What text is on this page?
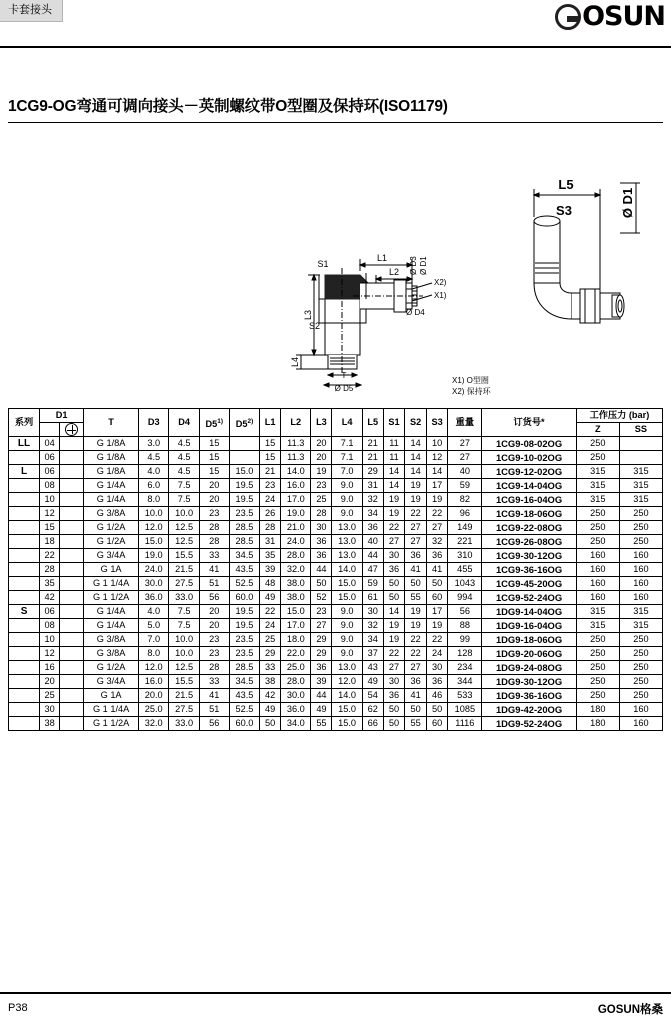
卡套接头	OSUN
1CG9-OG弯通可调向接头－英制螺纹带O型圈及保持环(ISO1179)
L1
L2
S1	Ø D3 Ø D1
L3
S2
L4
X2)
X1)
Ø D4
T
Ø D5
L5
S3	Ø D1
X1) O型圈
X2) 保持环
系列	D1		T	D3	D4	D5$^{1)}$	D5$^{2)}$	L1	L2	L3	L4	L5	S1	S2	S3	重量	订货号*	工作压力 (bar)	
																		Z	SS
LL	04		G 1/8A	3.0	4.5	15		15	11.3	20	7.1	21	11	14	10	27	1CG9-08-02OG	250	
	06		G 1/8A	4.5	4.5	15		15	11.3	20	7.1	21	11	14	12	27	1CG9-10-02OG	250	
L	06		G 1/8A	4.0	4.5	15	15.0	21	14.0	19	7.0	29	14	14	14	40	1CG9-12-02OG	315	315
	08		G 1/4A	6.0	7.5	20	19.5	23	16.0	23	9.0	31	14	19	17	59	1CG9-14-04OG	315	315
	10		G 1/4A	8.0	7.5	20	19.5	24	17.0	25	9.0	32	19	19	19	82	1CG9-16-04OG	315	315
	12		G 3/8A	10.0	10.0	23	23.5	26	19.0	28	9.0	34	19	22	22	96	1CG9-18-06OG	250	250
	15		G 1/2A	12.0	12.5	28	28.5	28	21.0	30	13.0	36	22	27	27	149	1CG9-22-08OG	250	250
	18		G 1/2A	15.0	12.5	28	28.5	31	24.0	36	13.0	40	27	27	32	221	1CG9-26-08OG	250	250
	22		G 3/4A	19.0	15.5	33	34.5	35	28.0	36	13.0	44	30	36	36	310	1CG9-30-12OG	160	160
	28		G 1A	24.0	21.5	41	43.5	39	32.0	44	14.0	47	36	41	41	455	1CG9-36-16OG	160	160
	35		G 1 1/4A	30.0	27.5	51	52.5	48	38.0	50	15.0	59	50	50	50	1043	1CG9-45-20OG	160	160
	42		G 1 1/2A	36.0	33.0	56	60.0	49	38.0	52	15.0	61	50	55	60	994	1CG9-52-24OG	160	160
S	06		G 1/4A	4.0	7.5	20	19.5	22	15.0	23	9.0	30	14	19	17	56	1DG9-14-04OG	315	315
	08		G 1/4A	5.0	7.5	20	19.5	24	17.0	27	9.0	32	19	19	19	88	1DG9-16-04OG	315	315
	10		G 3/8A	7.0	10.0	23	23.5	25	18.0	29	9.0	34	19	22	22	99	1DG9-18-06OG	250	250
	12		G 3/8A	8.0	10.0	23	23.5	29	22.0	29	9.0	37	22	22	24	128	1DG9-20-06OG	250	250
	16		G 1/2A	12.0	12.5	28	28.5	33	25.0	36	13.0	43	27	27	30	234	1DG9-24-08OG	250	250
	20		G 3/4A	16.0	15.5	33	34.5	38	28.0	39	12.0	49	30	36	36	344	1DG9-30-12OG	250	250
	25		G 1A	20.0	21.5	41	43.5	42	30.0	44	14.0	54	36	41	46	533	1DG9-36-16OG	250	250
	30		G 1 1/4A	25.0	27.5	51	52.5	49	36.0	49	15.0	62	50	50	50	1085	1DG9-42-20OG	180	160
	38		G 1 1/2A	32.0	33.0	56	60.0	50	34.0	55	15.0	66	50	55	60	1116	1DG9-52-24OG	180	160
P38	GOSUN格桑
